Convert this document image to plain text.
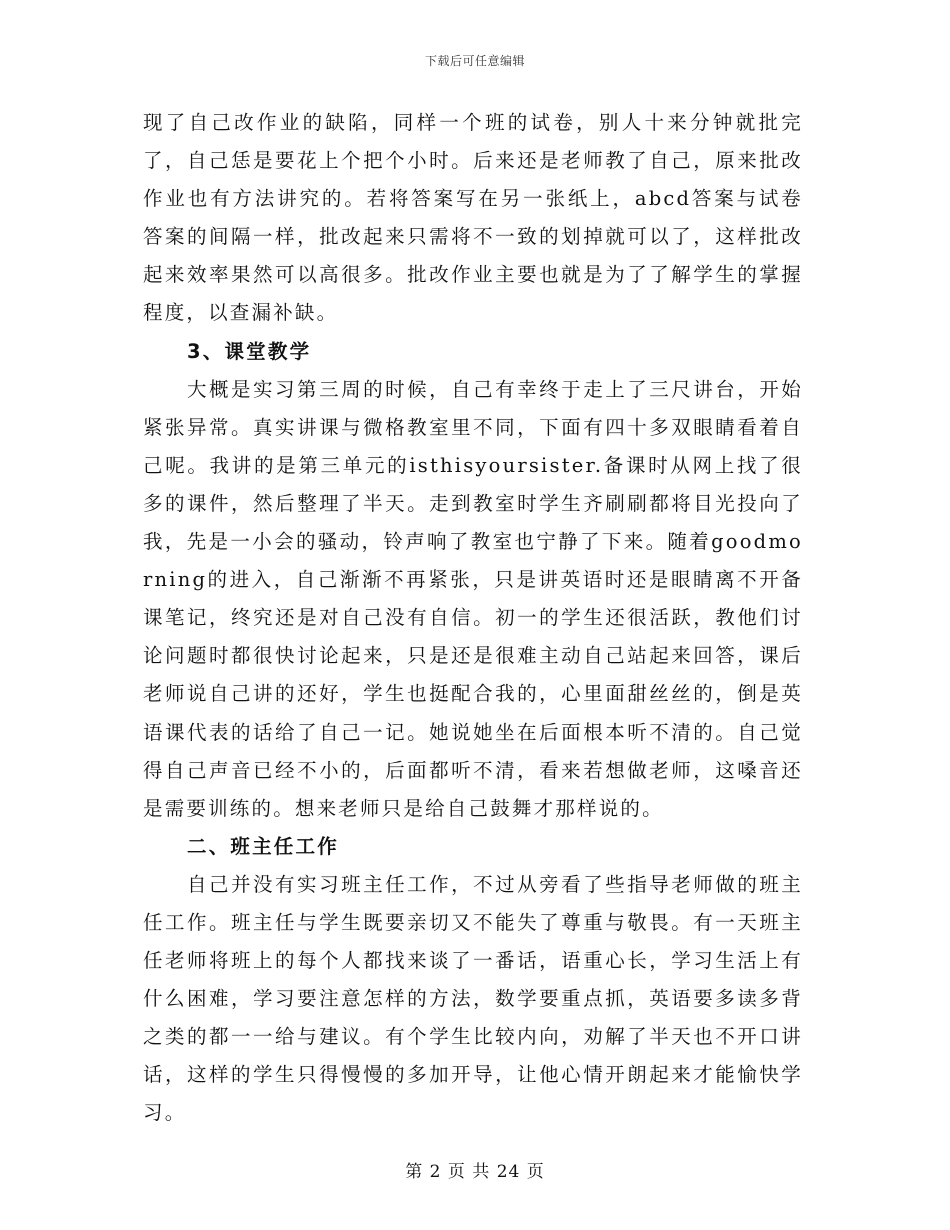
下载后可任意编辑

现了自己改作业的缺陷，同样一个班的试卷，别人十来分钟就批完了，自己恁是要花上个把个小时。后来还是老师教了自己，原来批改作业也有方法讲究的。若将答案写在另一张纸上，abcd答案与试卷答案的间隔一样，批改起来只需将不一致的划掉就可以了，这样批改起来效率果然可以高很多。批改作业主要也就是为了了解学生的掌握程度，以查漏补缺。

3、课堂教学

大概是实习第三周的时候，自己有幸终于走上了三尺讲台，开始紧张异常。真实讲课与微格教室里不同，下面有四十多双眼睛看着自己呢。我讲的是第三单元的isthisyoursister.备课时从网上找了很多的课件，然后整理了半天。走到教室时学生齐刷刷都将目光投向了我，先是一小会的骚动，铃声响了教室也宁静了下来。随着goodmorning的进入，自己渐渐不再紧张，只是讲英语时还是眼睛离不开备课笔记，终究还是对自己没有自信。初一的学生还很活跃，教他们讨论问题时都很快讨论起来，只是还是很难主动自己站起来回答，课后老师说自己讲的还好，学生也挺配合我的，心里面甜丝丝的，倒是英语课代表的话给了自己一记。她说她坐在后面根本听不清的。自己觉得自己声音已经不小的，后面都听不清，看来若想做老师，这嗓音还是需要训练的。想来老师只是给自己鼓舞才那样说的。

二、班主任工作

自己并没有实习班主任工作，不过从旁看了些指导老师做的班主任工作。班主任与学生既要亲切又不能失了尊重与敬畏。有一天班主任老师将班上的每个人都找来谈了一番话，语重心长，学习生活上有什么困难，学习要注意怎样的方法，数学要重点抓，英语要多读多背之类的都一一给与建议。有个学生比较内向，劝解了半天也不开口讲话，这样的学生只得慢慢的多加开导，让他心情开朗起来才能愉快学习。

第 2 页 共 24 页
